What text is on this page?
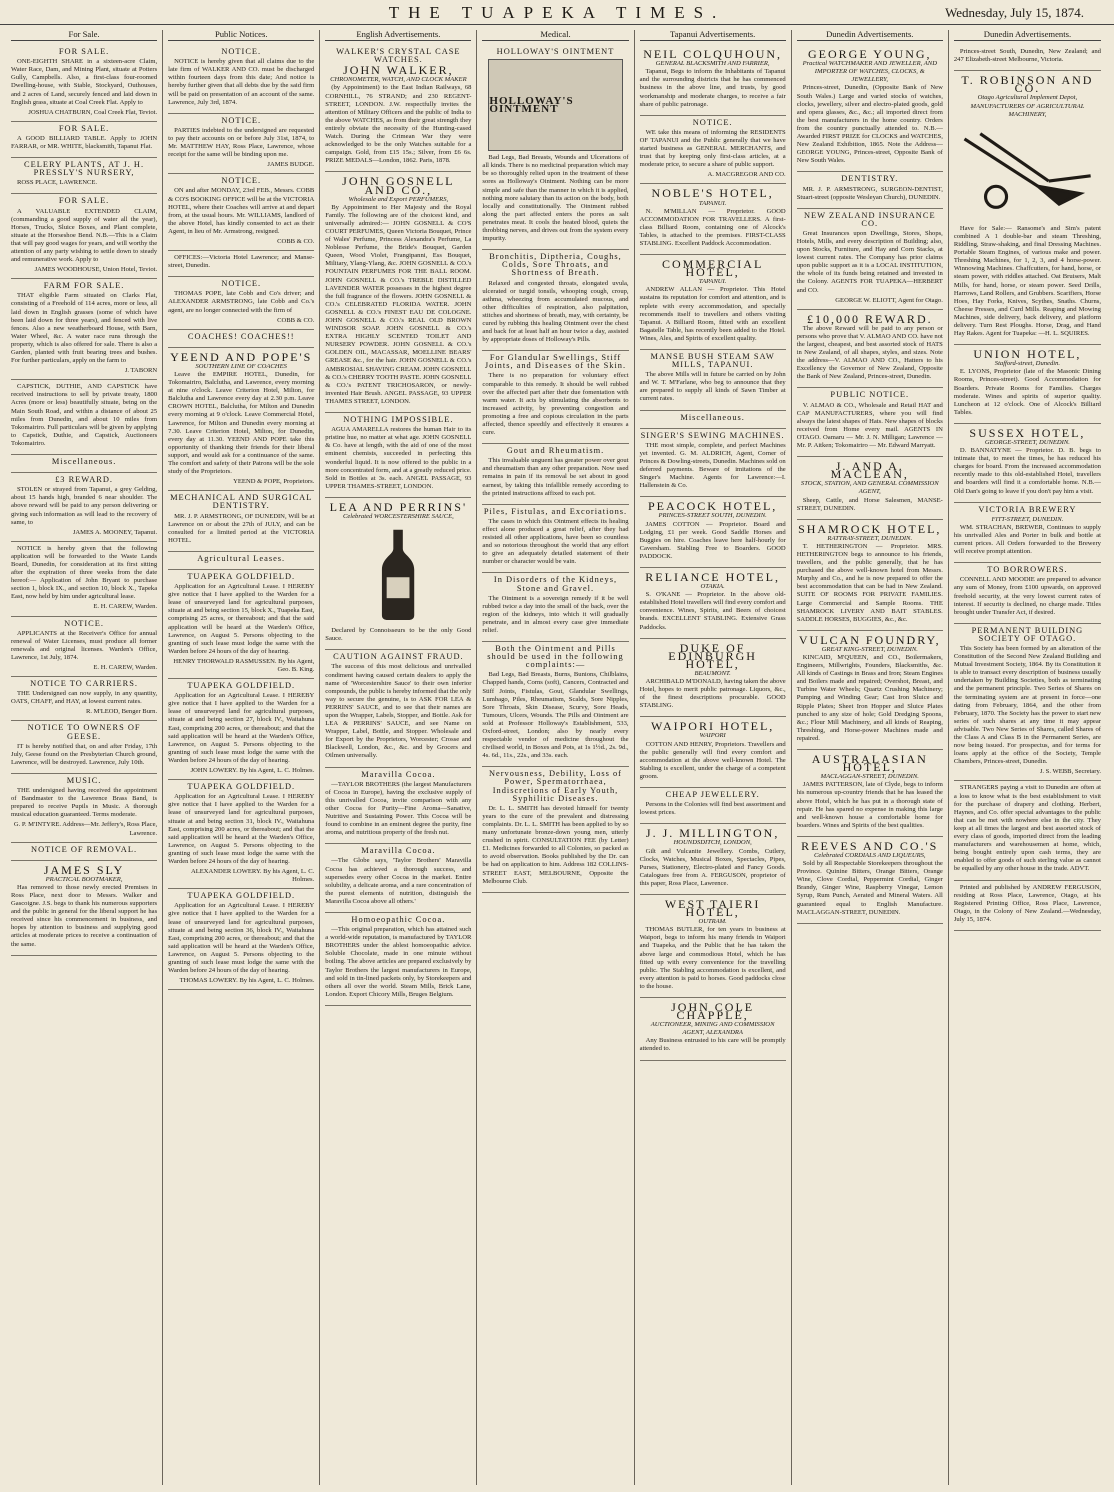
THE TUAPEKA TIMES.	Wednesday, July 15, 1874.
For Sale.
FOR SALE.
ONE-EIGHTH SHARE in a sixteen-acre Claim, Water Race, Dam, and Mining Plant, situate at Potters Gully, Campbells. Also, a first-class four-roomed Dwelling-house, with Stable, Stockyard, Outhouses, and 2 acres of Land, securely fenced and laid down in English grass, situate at Coal Creek Flat. Apply to
JOSHUA CHATBURN, Coal Creek Flat, Teviot.
FOR SALE.
A GOOD BILLIARD TABLE. Apply to JOHN FARRAR, or MR. WHITE, blacksmith, Tapanui Flat.
CELERY PLANTS, AT J. H. PRESSLY'S NURSERY,
ROSS PLACE, LAWRENCE.
FOR SALE.
A VALUABLE EXTENDED CLAIM, (commanding a good supply of water all the year), Horses, Trucks, Sluice Boxes, and Plant complete, situate at the Horseshoe Bend. N.B.—This is a Claim that will pay good wages for years, and will worthy the attention of any party wishing to settle down to steady and remunerative work. Apply to
JAMES WOODHOUSE, Union Hotel, Teviot.
FARM FOR SALE.
THAT eligible Farm situated on Clarks Flat, consisting of a Freehold of 114 acres, more or less, all laid down in English grasses (some of which have been laid down for three years), and fenced with live fences. Also a new weatherboard House, with Barn, Water Wheel, &c. A water race runs through the property, which is also offered for sale. There is also a Garden, planted with fruit bearing trees and bushes. For further particulars, apply on the farm to
J. TABORN
CAPSTICK, DUTHIE, AND CAPSTICK have received instructions to sell by private treaty, 1800 Acres (more or less) beautifully situate, being on the Main South Road, and within a distance of about 25 miles from Dunedin, and about 10 miles from Tokomairiro. Full particulars will be given by applying to Capstick, Duthie, and Capstick, Auctioneers Tokomairiro.
Miscellaneous.
£3 REWARD.
STOLEN or strayed from Tapanui, a grey Gelding, about 15 hands high, branded 6 near shoulder. The above reward will be paid to any person delivering or giving such information as will lead to the recovery of same, to
JAMES A. MOONEY, Tapanui.
NOTICE is hereby given that the following application will be forwarded to the Waste Lands Board, Dunedin, for consideration at its first sitting after the expiration of three weeks from the date hereof:— Application of John Bryant to purchase section 1, block IX., and section 10, block X., Tapeka East, now held by him under agricultural lease.
E. H. CAREW, Warden.
NOTICE.
APPLICANTS at the Receiver's Office for annual renewal of Water Licenses, must produce all former renewals and original licenses. Warden's Office, Lawrence, 1st July, 1874.
E. H. CAREW, Warden.
NOTICE TO CARRIERS.
THE Undersigned can now supply, in any quantity, OATS, CHAFF, and HAY, at lowest current rates.
R. M'LEOD, Benger Burn.
NOTICE TO OWNERS OF GEESE.
IT is hereby notified that, on and after Friday, 17th July, Geese found on the Presbyterian Church ground, Lawrence, will be destroyed. Lawrence, July 10th.
MUSIC.
THE undersigned having received the appointment of Bandmaster to the Lawrence Brass Band, is prepared to receive Pupils in Music. A thorough musical education guaranteed. Terms moderate.
G. P. M'INTYRE. Address—Mr. Jeffery's, Ross Place, Lawrence.
NOTICE OF REMOVAL.
JAMES SLY
PRACTICAL BOOTMAKER,
Has removed to those newly erected Premises in Ross Place, next door to Messrs. Walker and Gascoigne. J.S. begs to thank his numerous supporters and the public in general for the liberal support he has received since his commencement in business, and hopes by attention to business and supplying good articles at moderate prices to receive a continuation of the same.
Public Notices.
NOTICE.
NOTICE is hereby given that all claims due to the late firm of WALKER AND CO. must be discharged within fourteen days from this date; And notice is hereby further given that all debts due by the said firm will be paid on presentation of an account of the same. Lawrence, July 3rd, 1874.
NOTICE.
PARTIES indebted to the undersigned are requested to pay their accounts on or before July 31st, 1874, to Mr. MATTHEW HAY, Ross Place, Lawrence, whose receipt for the same will be binding upon me.
JAMES BUDGE.
NOTICE.
ON and after MONDAY, 23rd FEB., Messrs. COBB & CO'S BOOKING OFFICE will be at the VICTORIA HOTEL, where their Coaches will arrive at and depart from, at the usual hours. Mr. WILLIAMS, landlord of the above Hotel, has kindly consented to act as their Agent, in lieu of Mr. Armstrong, resigned.
COBB & CO.
OFFICES:—Victoria Hotel Lawrence; and Manse-street, Dunedin.
NOTICE.
THOMAS POPE, late Cobb and Co's driver; and ALEXANDER ARMSTRONG, late Cobb and Co.'s agent, are no longer connected with the firm of
COBB & CO.
COACHES! COACHES!!
YEEND AND POPE'S
SOUTHERN LINE OF COACHES
Leave the EMPIRE HOTEL, Dunedin, for Tokomairiro, Balclutha, and Lawrence, every morning at nine o'clock. Leave Criterion Hotel, Milton, for Balclutha and Lawrence every day at 2.30 p.m. Leave CROWN HOTEL, Balclutha, for Milton and Dunedin every morning at 9 o'clock. Leave Commercial Hotel, Lawrence, for Milton and Dunedin every morning at 7.30. Leave Criterion Hotel, Milton, for Dunedin, every day at 11.30. YEEND AND POPE take this opportunity of thanking their friends for their liberal support, and would ask for a continuance of the same. The comfort and safety of their Patrons will be the sole study of the Proprietors.
YEEND & POPE, Proprietors.
MECHANICAL AND SURGICAL DENTISTRY.
MR. J. P. ARMSTRONG, OF DUNEDIN, Will be at Lawrence on or about the 27th of JULY, and can be consulted for a limited period at the VICTORIA HOTEL.
Agricultural Leases.
TUAPEKA GOLDFIELD.
Application for an Agricultural Lease. I HEREBY give notice that I have applied to the Warden for a lease of unsurveyed land for agricultural purposes, situate at and being section 15, block X., Tuapeka East, comprising 25 acres, or thereabout; and that the said application will be heard at the Warden's Office, Lawrence, on August 5. Persons objecting to the granting of such lease must lodge the same with the Warden before 24 hours of the day of hearing.
HENRY THORWALD RASMUSSEN. By his Agent, Geo. B. King.
TUAPEKA GOLDFIELD.
Application for an Agricultural Lease. I HEREBY give notice that I have applied to the Warden for a lease of unsurveyed land for agricultural purposes, situate at and being section 27, block IV., Waitahuna East, comprising 200 acres, or thereabout; and that the said application will be heard at the Warden's Office, Lawrence, on August 5. Persons objecting to the granting of such lease must lodge the same with the Warden before 24 hours of the day of hearing.
JOHN LOWERY. By his Agent, L. C. Holmes.
TUAPEKA GOLDFIELD.
Application for an Agricultural Lease. I HEREBY give notice that I have applied to the Warden for a lease of unsurveyed land for agricultural purposes, situate at and being section 31, block IV., Waitahuna East, comprising 200 acres, or thereabout; and that the said application will be heard at the Warden's Office, Lawrence, on August 5. Persons objecting to the granting of such lease must lodge the same with the Warden before 24 hours of the day of hearing.
ALEXANDER LOWERY. By his Agent, L. C. Holmes.
TUAPEKA GOLDFIELD.
Application for an Agricultural Lease. I HEREBY give notice that I have applied to the Warden for a lease of unsurveyed land for agricultural purposes, situate at and being section 36, block IV., Waitahuna East, comprising 200 acres, or thereabout; and that the said application will be heard at the Warden's Office, Lawrence, on August 5. Persons objecting to the granting of such lease must lodge the same with the Warden before 24 hours of the day of hearing.
THOMAS LOWERY. By his Agent, L. C. Holmes.
English Advertisements.
WALKER'S CRYSTAL CASE WATCHES.
JOHN WALKER,
CHRONOMETER, WATCH, AND CLOCK MAKER
(by Appointment) to the East Indian Railways, 68 CORNHILL, 76 STRAND; and 230 REGENT-STREET, LONDON. J.W. respectfully invites the attention of Military Officers and the public of India to the above WATCHES, as from their great strength they entirely obviate the necessity of the Hunting-cased Watch. During the Crimean War they were acknowledged to be the only Watches suitable for a campaign. Gold, from £15 15s.; Silver, from £6 6s. PRIZE MEDALS—London, 1862. Paris, 1878.
JOHN GOSNELL AND CO.,
Wholesale and Export PERFUMERS,
By Appointment to Her Majesty and the Royal Family. The following are of the choicest kind, and universally admired:— JOHN GOSNELL & CO'S COURT PERFUMES, Queen Victoria Bouquet, Prince of Wales' Perfume, Princess Alexandra's Perfume, La Noblesse Perfume, the Bride's Bouquet, Garden Queen, Wood Violet, Frangipanni, Ess Bouquet, Military, Ylang-Ylang, &c. JOHN GOSNELL & CO.'s FOUNTAIN PERFUMES FOR THE BALL ROOM. JOHN GOSNELL & CO.'s TREBLE DISTILLED LAVENDER WATER possesses in the highest degree the full fragrance of the flowers. JOHN GOSNELL & CO.'s CELEBRATED FLORIDA WATER. JOHN GOSNELL & CO.'s FINEST EAU DE COLOGNE. JOHN GOSNELL & CO.'s REAL OLD BROWN WINDSOR SOAP. JOHN GOSNELL & CO.'s EXTRA HIGHLY SCENTED TOILET AND NURSERY POWDER. JOHN GOSNELL & CO.'s GOLDEN OIL, MACASSAR, MOELLINE BEARS' GREASE &c., for the hair. JOHN GOSNELL & CO.'s AMBROSIAL SHAVING CREAM. JOHN GOSNELL & CO.'s CHERRY TOOTH PASTE. JOHN GOSNELL & CO.'s PATENT TRICHOSARON, or newly-invented Hair Brush. ANGEL PASSAGE, 93 UPPER THAMES STREET, LONDON.
NOTHING IMPOSSIBLE.
AGUA AMARELLA restores the human Hair to its pristine hue, no matter at what age. JOHN GOSNELL & Co. have at length, with the aid of one of the most eminent chemists, succeeded in perfecting this wonderful liquid. It is now offered to the public in a more concentrated form, and at a greatly reduced price. Sold in Bottles at 3s. each. ANGEL PASSAGE, 93 UPPER THAMES-STREET, LONDON.
LEA AND PERRINS'
Celebrated WORCESTERSHIRE SAUCE,
Declared by Connoisseurs to be the only Good Sauce.
CAUTION AGAINST FRAUD.
The success of this most delicious and unrivalled condiment having caused certain dealers to apply the name of 'Worcestershire Sauce' to their own inferior compounds, the public is hereby informed that the only way to secure the genuine, is to ASK FOR LEA & PERRINS' SAUCE, and to see that their names are upon the Wrapper, Labels, Stopper, and Bottle. Ask for LEA & PERRINS' SAUCE, and see Name on Wrapper, Label, Bottle, and Stopper. Wholesale and for Export by the Proprietors, Worcester; Crosse and Blackwell, London, &c., &c. and by Grocers and Oilmen universally.
Maravilla Cocoa.
—TAYLOR BROTHERS (the largest Manufacturers of Cocoa in Europe), having the exclusive supply of this unrivalled Cocoa, invite comparison with any other Cocoa for Purity—Fine Aroma—Sanative, Nutritive and Sustaining Power. This Cocoa will be found to combine in an eminent degree the purity, fine aroma, and nutritious property of the fresh nut.
Maravilla Cocoa.
—The Globe says, 'Taylor Brothers' Maravilla Cocoa has achieved a thorough success, and supersedes every other Cocoa in the market. Entire solubility, a delicate aroma, and a rare concentration of the purest elements of nutrition, distinguish the Maravilla Cocoa above all others.'
Homoeopathic Cocoa.
—This original preparation, which has attained such a world-wide reputation, is manufactured by TAYLOR BROTHERS under the ablest homoeopathic advice. Soluble Chocolate, made in one minute without boiling. The above articles are prepared exclusively by Taylor Brothers the largest manufacturers in Europe, and sold in tin-lined packets only, by Storekeepers and others all over the world. Steam Mills, Brick Lane, London. Export Chicory Mills, Bruges Belgium.
Medical.
HOLLOWAY'S OINTMENT
HOLLOWAY'S OINTMENT
Bad Legs, Bad Breasts, Wounds and Ulcerations of all kinds. There is no medicinal preparation which may be so thoroughly relied upon in the treatment of these sores as Holloway's Ointment. Nothing can be more simple and safe than the manner in which it is applied, nothing more salutary than its action on the body, both locally and constitutionally. The Ointment rubbed along the part affected enters the pores as salt penetrates meat. It cools the heated blood, quiets the throbbing nerves, and drives out from the system every impurity.
Bronchitis, Diptheria, Coughs, Colds, Sore Throats, and Shortness of Breath.
Relaxed and congested throats, elongated uvula, ulcerated or turgid tonsils, whooping cough, croup, asthma, wheezing from accumulated mucous, and other difficulties of respiration, also palpitation, stitches and shortness of breath, may, with certainty, be cured by rubbing this healing Ointment over the chest and back for at least half an hour twice a day, assisted by appropriate doses of Holloway's Pills.
For Glandular Swellings, Stiff Joints, and Diseases of the Skin.
There is no preparation for voluntary effect comparable to this remedy. It should be well rubbed over the affected part after their due fomentation with warm water. It acts by stimulating the absorbents to increased activity, by preventing congestion and promoting a free and copious circulation in the parts affected, thence speedily and effectively it ensures a cure.
Gout and Rheumatism.
This invaluable unguent has greater power over gout and rheumatism than any other preparation. Now used remains in pain if its removal be set about in good earnest, by taking this infallible remedy according to the printed instructions affixed to each pot.
Piles, Fistulas, and Excoriations.
The cases in which this Ointment effects its healing effect alone produced a great relief, after they had resisted all other applications, have been so countless and so notorious throughout the world that any effort to give an adequately detailed statement of their number or character would be vain.
In Disorders of the Kidneys, Stone and Gravel.
The Ointment is a sovereign remedy if it be well rubbed twice a day into the small of the back, over the region of the kidneys, into which it will gradually penetrate, and in almost every case give immediate relief.
Both the Ointment and Pills should be used in the following complaints:—
Bad Legs, Bad Breasts, Burns, Bunions, Chilblains, Chapped hands, Corns (soft), Cancers, Contracted and Stiff Joints, Fistulas, Gout, Glandular Swellings, Lumbago, Piles, Rheumatism, Scalds, Sore Nipples, Sore Throats, Skin Disease, Scurvy, Sore Heads, Tumours, Ulcers, Wounds. The Pills and Ointment are sold at Professor Holloway's Establishment, 533, Oxford-street, London; also by nearly every respectable vendor of medicine throughout the civilised world, in Boxes and Pots, at 1s 1½d., 2s. 9d., 4s. 6d., 11s., 22s., and 33s. each.
Nervousness, Debility, Loss of Power, Spermatorrhaea, Indiscretions of Early Youth, Syphilitic Diseases.
Dr. L. L. SMITH has devoted himself for twenty years to the cure of the prevalent and distressing complaints. Dr. L. L. SMITH has been applied to by so many unfortunate bronze-down young men, utterly crushed in spirit. CONSULTATION FEE (by Letter) £1. Medicines forwarded to all Colonies, so packed as to avoid observation. Books published by the Dr. can be had on application to him. Address 182 COLLINS-STREET EAST, MELBOURNE, Opposite the Melbourne Club.
Tapanui Advertisements.
NEIL COLQUHOUN,
GENERAL BLACKSMITH AND FARRIER,
Tapanui, Begs to inform the Inhabitants of Tapanui and the surrounding districts that he has commenced business in the above line, and trusts, by good workmanship and moderate charges, to receive a fair share of public patronage.
NOTICE.
WE take this means of informing the RESIDENTS OF TAPANUI and the Public generally that we have started business as GENERAL MERCHANTS, and trust that by keeping only first-class articles, at a moderate price, to secure a share of public support.
A. MACGREGOR AND CO.
NOBLE'S HOTEL,
TAPANUI.
N. M'MILLAN — Proprietor. GOOD ACCOMMODATION FOR TRAVELLERS. A first-class Billiard Room, containing one of Alcock's Tables, is attached to the premises. FIRST-CLASS STABLING. Excellent Paddock Accommodation.
COMMERCIAL HOTEL,
TAPANUI.
ANDREW ALLAN — Proprietor. This Hotel sustains its reputation for comfort and attention, and is replete with every accommodation, and specially recommends itself to travellers and others visiting Tapanui. A Billiard Room, fitted with an excellent Bagatelle Table, has recently been added to the Hotel. Wines, Ales, and Spirits of excellent quality.
MANSE BUSH STEAM SAW MILLS, TAPANUI.
The above Mills will in future be carried on by John and W. T. M'Farlane, who beg to announce that they are prepared to supply all kinds of Sawn Timber at current rates.
Miscellaneous.
SINGER'S SEWING MACHINES.
THE most simple, complete, and perfect Machines yet invented. G. M. ALDRICH, Agent, Corner of Princes & Dowling-streets, Dunedin. Machines sold on deferred payments. Beware of imitations of the Singer's Machine. Agents for Lawrence:—I. Hallenstein & Co.
PEACOCK HOTEL,
PRINCES-STREET SOUTH, DUNEDIN.
JAMES COTTON — Proprietor. Board and Lodging, £1 per week. Good Saddle Horses and Buggies on hire. Coaches leave here half-hourly for Caversham. Stabling Free to Boarders. GOOD PADDOCK.
RELIANCE HOTEL,
OTAKIA.
S. O'KANE — Proprietor. In the above old-established Hotel travellers will find every comfort and convenience. Wines, Spirits, and Beers of choicest brands. EXCELLENT STABLING. Extensive Grass Paddocks.
DUKE OF EDINBURGH HOTEL,
BEAUMONT.
ARCHIBALD M'DONALD, having taken the above Hotel, hopes to merit public patronage. Liquors, &c., of the finest descriptions procurable. GOOD STABLING.
WAIPORI HOTEL,
WAIPORI
COTTON AND HENRY, Proprietors. Travellers and the public generally will find every comfort and accommodation at the above well-known Hotel. The Stabling is excellent, under the charge of a competent groom.
CHEAP JEWELLERY.
Persons in the Colonies will find best assortment and lowest prices.
J. J. MILLINGTON,
HOUNDSDITCH, LONDON,
Gilt and Vulcanite Jewellery. Combs, Cutlery, Clocks, Watches, Musical Boxes, Spectacles, Pipes, Purses, Stationery, Electro-plated and Fancy Goods. Catalogues free from A. FERGUSON, proprietor of this paper, Ross Place, Lawrence.
WEST TAIERI HOTEL,
OUTRAM.
THOMAS BUTLER, for ten years in business at Waipori, begs to inform his many friends in Waipori and Tuapeka, and the Public that he has taken the above large and commodious Hotel, which he has fitted up with every convenience for the travelling public. The Stabling accommodation is excellent, and every attention is paid to horses. Good paddocks close to the house.
JOHN COLE CHAPPLE,
AUCTIONEER, MINING AND COMMISSION AGENT, ALEXANDRA
Any Business entrusted to his care will be promptly attended to.
Dunedin Advertisements.
GEORGE YOUNG,
Practical WATCHMAKER AND JEWELLER, AND IMPORTER OF WATCHES, CLOCKS, & JEWELLERY,
Princes-street, Dunedin, (Opposite Bank of New South Wales.) Large and varied stocks of watches, clocks, jewellery, silver and electro-plated goods, gold and opera glasses, &c., &c.; all imported direct from the best manufacturers in the home country. Orders from the country punctually attended to. N.B.—Awarded FIRST PRIZE for CLOCKS and WATCHES, New Zealand Exhibition, 1865. Note the Address—GEORGE YOUNG, Princes-street, Opposite Bank of New South Wales.
DENTISTRY.
MR. J. P. ARMSTRONG, SURGEON-DENTIST, Stuart-street (opposite Wesleyan Church), DUNEDIN.
NEW ZEALAND INSURANCE CO.
Great Insurances upon Dwellings, Stores, Shops, Hotels, Mills, and every description of Building; also, upon Stocks, Furniture, and Hay and Corn Stacks, at lowest current rates. The Company has prior claims upon public support as it is a LOCAL INSTITUTION, the whole of its funds being retained and invested in the Colony. AGENTS FOR TUAPEKA—HERBERT and CO.
GEORGE W. ELIOTT, Agent for Otago.
£10,000 REWARD.
The above Reward will be paid to any person or persons who prove that V. ALMAO AND CO. have not the largest, cheapest, and best assorted stock of HATS in New Zealand, of all shapes, styles, and sizes. Note the address—V. ALMAO AND CO., Hatters to his Excellency the Governor of New Zealand, Opposite the Bank of New Zealand, Princes-street, Dunedin.
PUBLIC NOTICE.
V. ALMAO & CO., Wholesale and Retail HAT and CAP MANUFACTURERS, where you will find always the latest shapes of Hats. New shapes of blocks received from Home every mail. AGENTS IN OTAGO. Oamaru — Mr. J. N. Milligan; Lawrence — Mr. P. Aitken; Tokomairiro — Mr. Edward Marryatt.
J. AND A. MACLEAN,
STOCK, STATION, AND GENERAL COMMISSION AGENT,
Sheep, Cattle, and Horse Salesmen, MANSE-STREET, DUNEDIN.
SHAMROCK HOTEL,
RATTRAY-STREET, DUNEDIN.
T. HETHERINGTON — Proprietor. MRS. HETHERINGTON begs to announce to his friends, travellers, and the public generally, that he has purchased the above well-known hotel from Messrs. Murphy and Co., and he is now prepared to offer the best accommodation that can be had in New Zealand. SUITE OF ROOMS FOR PRIVATE FAMILIES. Large Commercial and Sample Rooms. THE SHAMROCK LIVERY AND BAIT STABLES. SADDLE HORSES, BUGGIES, &c., &c.
VULCAN FOUNDRY,
GREAT KING-STREET, DUNEDIN.
KINCAID, M'QUEEN, and CO., Boilermakers, Engineers, Millwrights, Founders, Blacksmiths, &c. All kinds of Castings in Brass and Iron; Steam Engines and Boilers made and repaired; Overshot, Breast, and Turbine Water Wheels; Quartz Crushing Machinery; Pumping and Winding Gear; Cast Iron Sluice and Ripple Plates; Sheet Iron Hopper and Sluice Plates punched to any size of hole; Gold Dredging Spoons, &c.; Flour Mill Machinery, and all kinds of Reaping, Threshing, and Horse-power Machines made and repaired.
AUSTRALASIAN HOTEL,
MACLAGGAN-STREET, DUNEDIN.
JAMES PATTERSON, late of Clyde, begs to inform his numerous up-country friends that he has leased the above Hotel, which he has put in a thorough state of repair. He has spared no expense in making this large and well-known house a comfortable home for boarders. Wines and Spirits of the best qualities.
REEVES AND CO.'S
Celebrated CORDIALS AND LIQUEURS,
Sold by all Respectable Storekeepers throughout the Province. Quinine Bitters, Orange Bitters, Orange Wine, Clove Cordial, Peppermint Cordial, Ginger Brandy, Ginger Wine, Raspberry Vinegar, Lemon Syrup, Rum Punch, Aerated and Mineral Waters. All guaranteed equal to English Manufacture. MACLAGGAN-STREET, DUNEDIN.
Dunedin Advertisements.
Princes-street South, Dunedin, New Zealand; and 247 Elizabeth-street Melbourne, Victoria.
T. ROBINSON AND CO.
Otago Agricultural Implement Depot, MANUFACTURERS OF AGRICULTURAL MACHINERY,
Have for Sale:— Ransome's and Sim's patent combined A 1 double-bar and steam Threshing, Riddling, Straw-shaking, and final Dressing Machines. Portable Steam Engines, of various make and power. Threshing Machines, for 1, 2, 3, and 4 horse-power. Winnowing Machines. Chaffcutters, for hand, horse, or steam power, with riddles attached. Oat Bruisers, Malt Mills, for hand, horse, or steam power. Seed Drills, Harrows, Land Rollers, and Grubbers. Scarifiers, Horse Hoes, Hay Forks, Knives, Scythes, Snaths. Churns, Cheese Presses, and Curd Mills. Reaping and Mowing Machines, side delivery, back delivery, and platform delivery. Turn Rest Ploughs. Horse, Drag, and Hand Hay Rakes. Agent for Tuapeka: —H. L. SQUIRES.
UNION HOTEL,
Stafford-street, Dunedin.
E. LYONS, Proprietor (late of the Masonic Dining Rooms, Princes-street). Good Accommodation for Boarders. Private Rooms for Families. Charges moderate. Wines and spirits of superior quality. Luncheon at 12 o'clock. One of Alcock's Billiard Tables.
SUSSEX HOTEL,
GEORGE-STREET, DUNEDIN.
D. BANNATYNE — Proprietor. D. B. begs to intimate that, to meet the times, he has reduced his charges for board. From the increased accommodation recently made to this old-established Hotel, travellers and boarders will find it a comfortable home. N.B.—Old Dan's going to leave if you don't pay him a visit.
VICTORIA BREWERY
FITT-STREET, DUNEDIN.
WM. STRACHAN, BREWER, Continues to supply his unrivalled Ales and Porter in bulk and bottle at current prices. All Orders forwarded to the Brewery will receive prompt attention.
TO BORROWERS.
CONNELL AND MOODIE are prepared to advance any sum of Money, from £100 upwards, on approved freehold security, at the very lowest current rates of interest. If security is declined, no charge made. Titles brought under Transfer Act, if desired.
PERMANENT BUILDING SOCIETY OF OTAGO.
This Society has been formed by an alteration of the Constitution of the Second New Zealand Building and Mutual Investment Society, 1864. By its Constitution it is able to transact every description of business usually undertaken by Building Societies, both as terminating and the permanent principle. Two Series of Shares on the terminating system are at present in force—one dating from February, 1864, and the other from February, 1870. The Society has the power to start new series of such shares at any time it may appear advisable. Two New Series of Shares, called Shares of the Class A and Class B in the Permanent Series, are now being issued. For prospectus, and for terms for loans apply at the office of the Society, Temple Chambers, Princes-street, Dunedin.
J. S. WEBB, Secretary.
STRANGERS paying a visit to Dunedin are often at a loss to know what is the best establishment to visit for the purchase of drapery and clothing. Herbert, Haynes, and Co. offer special advantages to the public that can be met with nowhere else in the city. They keep at all times the largest and best assorted stock of every class of goods, imported direct from the leading manufacturers and warehousemen at home, which, being bought entirely upon cash terms, they are enabled to offer goods of such sterling value as cannot be equalled by any other house in the trade. ADVT.
Printed and published by ANDREW FERGUSON, residing at Ross Place, Lawrence, Otago, at his Registered Printing Office, Ross Place, Lawrence, Otago, in the Colony of New Zealand.—Wednesday, July 15, 1874.
